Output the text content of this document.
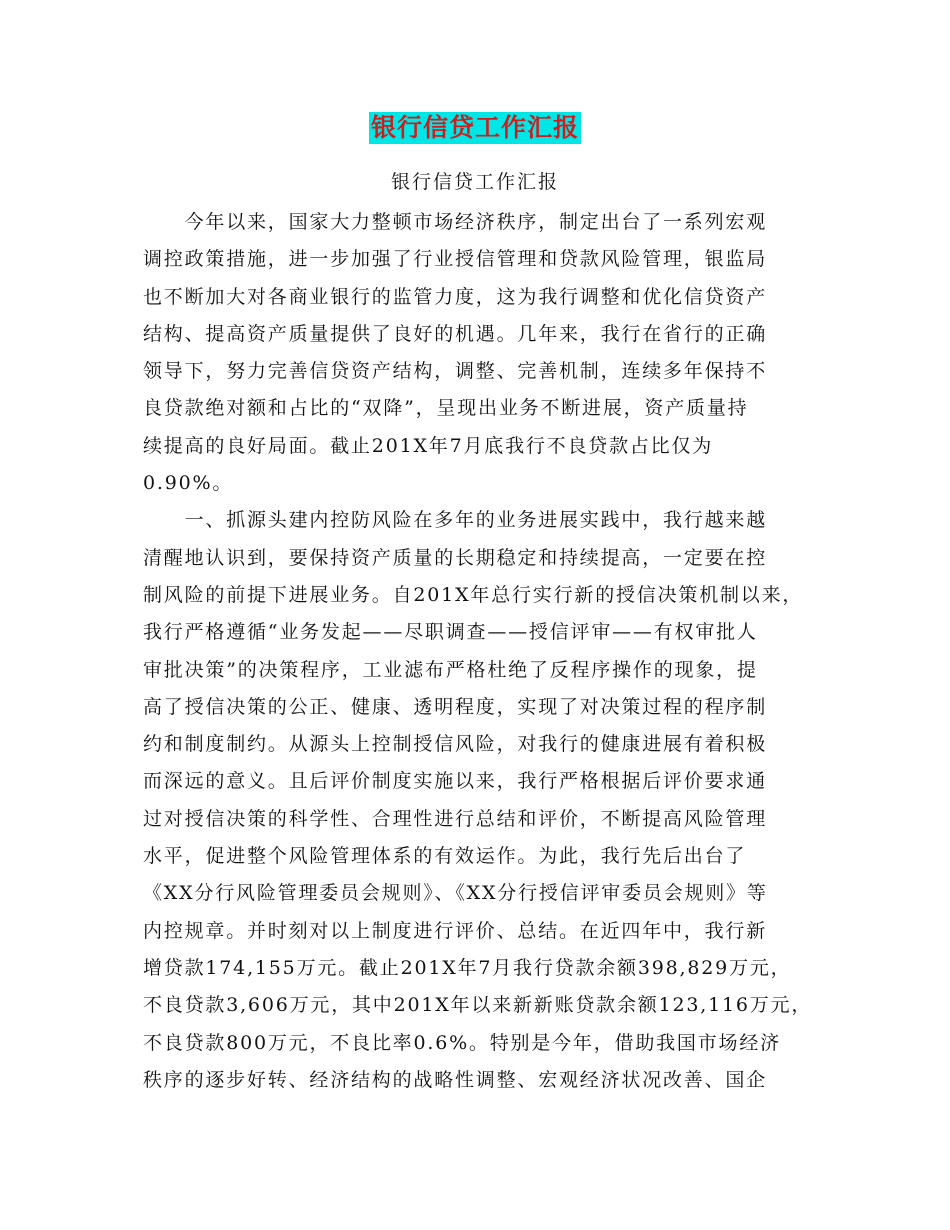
银行信贷工作汇报
银行信贷工作汇报
　　今年以来，国家大力整顿市场经济秩序，制定出台了一系列宏观
调控政策措施，进一步加强了行业授信管理和贷款风险管理，银监局
也不断加大对各商业银行的监管力度，这为我行调整和优化信贷资产
结构、提高资产质量提供了良好的机遇。几年来，我行在省行的正确
领导下，努力完善信贷资产结构，调整、完善机制，连续多年保持不
良贷款绝对额和占比的“双降”，呈现出业务不断进展，资产质量持
续提高的良好局面。截止201X年7月底我行不良贷款占比仅为
0.90%。
　　一、抓源头建内控防风险在多年的业务进展实践中，我行越来越
清醒地认识到，要保持资产质量的长期稳定和持续提高，一定要在控
制风险的前提下进展业务。自201X年总行实行新的授信决策机制以来，
我行严格遵循“业务发起——尽职调查——授信评审——有权审批人
审批决策”的决策程序，工业滤布严格杜绝了反程序操作的现象，提
高了授信决策的公正、健康、透明程度，实现了对决策过程的程序制
约和制度制约。从源头上控制授信风险，对我行的健康进展有着积极
而深远的意义。且后评价制度实施以来，我行严格根据后评价要求通
过对授信决策的科学性、合理性进行总结和评价，不断提高风险管理
水平，促进整个风险管理体系的有效运作。为此，我行先后出台了
《XX分行风险管理委员会规则》、《XX分行授信评审委员会规则》等
内控规章。并时刻对以上制度进行评价、总结。在近四年中，我行新
增贷款174,155万元。截止201X年7月我行贷款余额398,829万元，
不良贷款3,606万元，其中201X年以来新新账贷款余额123,116万元，
不良贷款800万元，不良比率0.6%。特别是今年，借助我国市场经济
秩序的逐步好转、经济结构的战略性调整、宏观经济状况改善、国企
